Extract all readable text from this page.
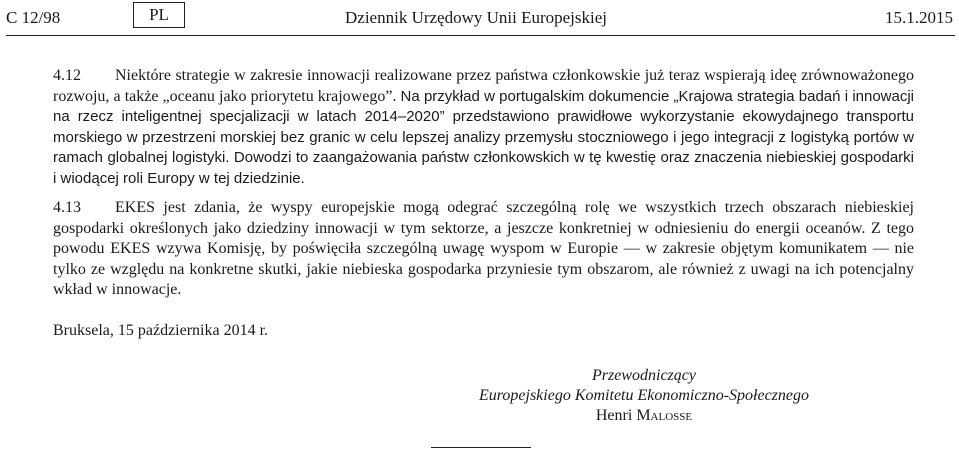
C 12/98	PL	Dziennik Urzędowy Unii Europejskiej	15.1.2015

4.12 Niektóre strategie w zakresie innowacji realizowane przez państwa członkowskie już teraz wspierają ideę zrównoważonego rozwoju, a także „oceanu jako priorytetu krajowego”. Na przykład w portugalskim dokumencie „Krajowa strategia badań i innowacji na rzecz inteligentnej specjalizacji w latach 2014–2020” przedstawiono prawidłowe wykorzystanie ekowydajnego transportu morskiego w przestrzeni morskiej bez granic w celu lepszej analizy przemysłu stoczniowego i jego integracji z logistyką portów w ramach globalnej logistyki. Dowodzi to zaangażowania państw członkowskich w tę kwestię oraz znaczenia niebieskiej gospodarki i wiodącej roli Europy w tej dziedzinie.

4.13 EKES jest zdania, że wyspy europejskie mogą odegrać szczególną rolę we wszystkich trzech obszarach niebieskiej gospodarki określonych jako dziedziny innowacji w tym sektorze, a jeszcze konkretniej w odniesieniu do energii oceanów. Z tego powodu EKES wzywa Komisję, by poświęciła szczególną uwagę wyspom w Europie — w zakresie objętym komunikatem — nie tylko ze względu na konkretne skutki, jakie niebieska gospodarka przyniesie tym obszarom, ale również z uwagi na ich potencjalny wkład w innowacje.

Bruksela, 15 października 2014 r.
Przewodniczący
Europejskiego Komitetu Ekonomiczno-Społecznego
Henri Malosse
